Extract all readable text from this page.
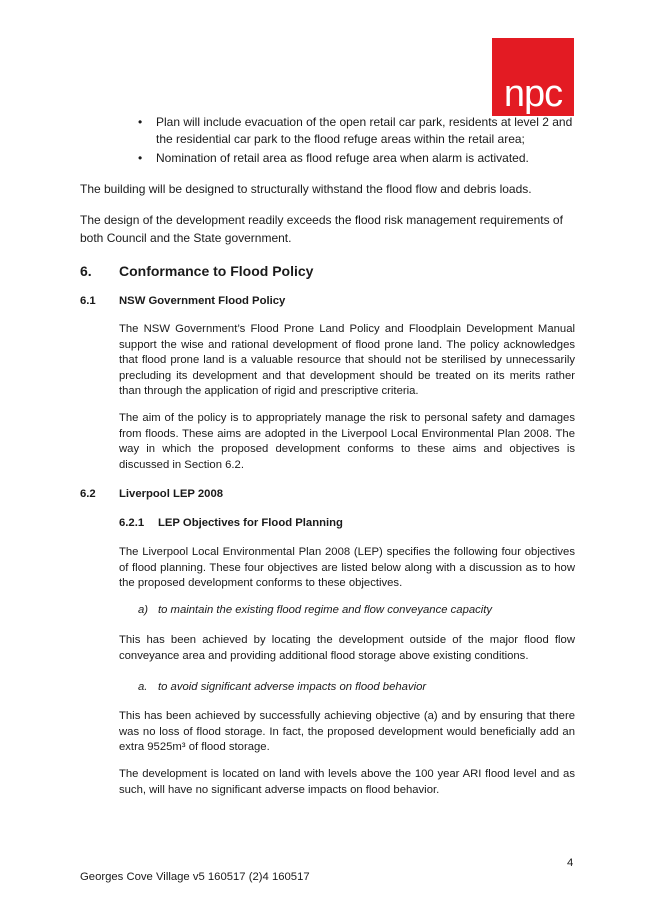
npc
• Plan will include evacuation of the open retail car park, residents at level 2 and the residential car park to the flood refuge areas within the retail area;
• Nomination of retail area as flood refuge area when alarm is activated.
The building will be designed to structurally withstand the flood flow and debris loads.
The design of the development readily exceeds the flood risk management requirements of both Council and the State government.
6. Conformance to Flood Policy
6.1 NSW Government Flood Policy
The NSW Government’s Flood Prone Land Policy and Floodplain Development Manual support the wise and rational development of flood prone land. The policy acknowledges that flood prone land is a valuable resource that should not be sterilised by unnecessarily precluding its development and that development should be treated on its merits rather than through the application of rigid and prescriptive criteria.
The aim of the policy is to appropriately manage the risk to personal safety and damages from floods. These aims are adopted in the Liverpool Local Environmental Plan 2008. The way in which the proposed development conforms to these aims and objectives is discussed in Section 6.2.
6.2 Liverpool LEP 2008
6.2.1 LEP Objectives for Flood Planning
The Liverpool Local Environmental Plan 2008 (LEP) specifies the following four objectives of flood planning. These four objectives are listed below along with a discussion as to how the proposed development conforms to these objectives.
a) to maintain the existing flood regime and flow conveyance capacity
This has been achieved by locating the development outside of the major flood flow conveyance area and providing additional flood storage above existing conditions.
a. to avoid significant adverse impacts on flood behavior
This has been achieved by successfully achieving objective (a) and by ensuring that there was no loss of flood storage. In fact, the proposed development would beneficially add an extra 9525m³ of flood storage.
The development is located on land with levels above the 100 year ARI flood level and as such, will have no significant adverse impacts on flood behavior.
4
Georges Cove Village v5 160517 (2)4 160517
